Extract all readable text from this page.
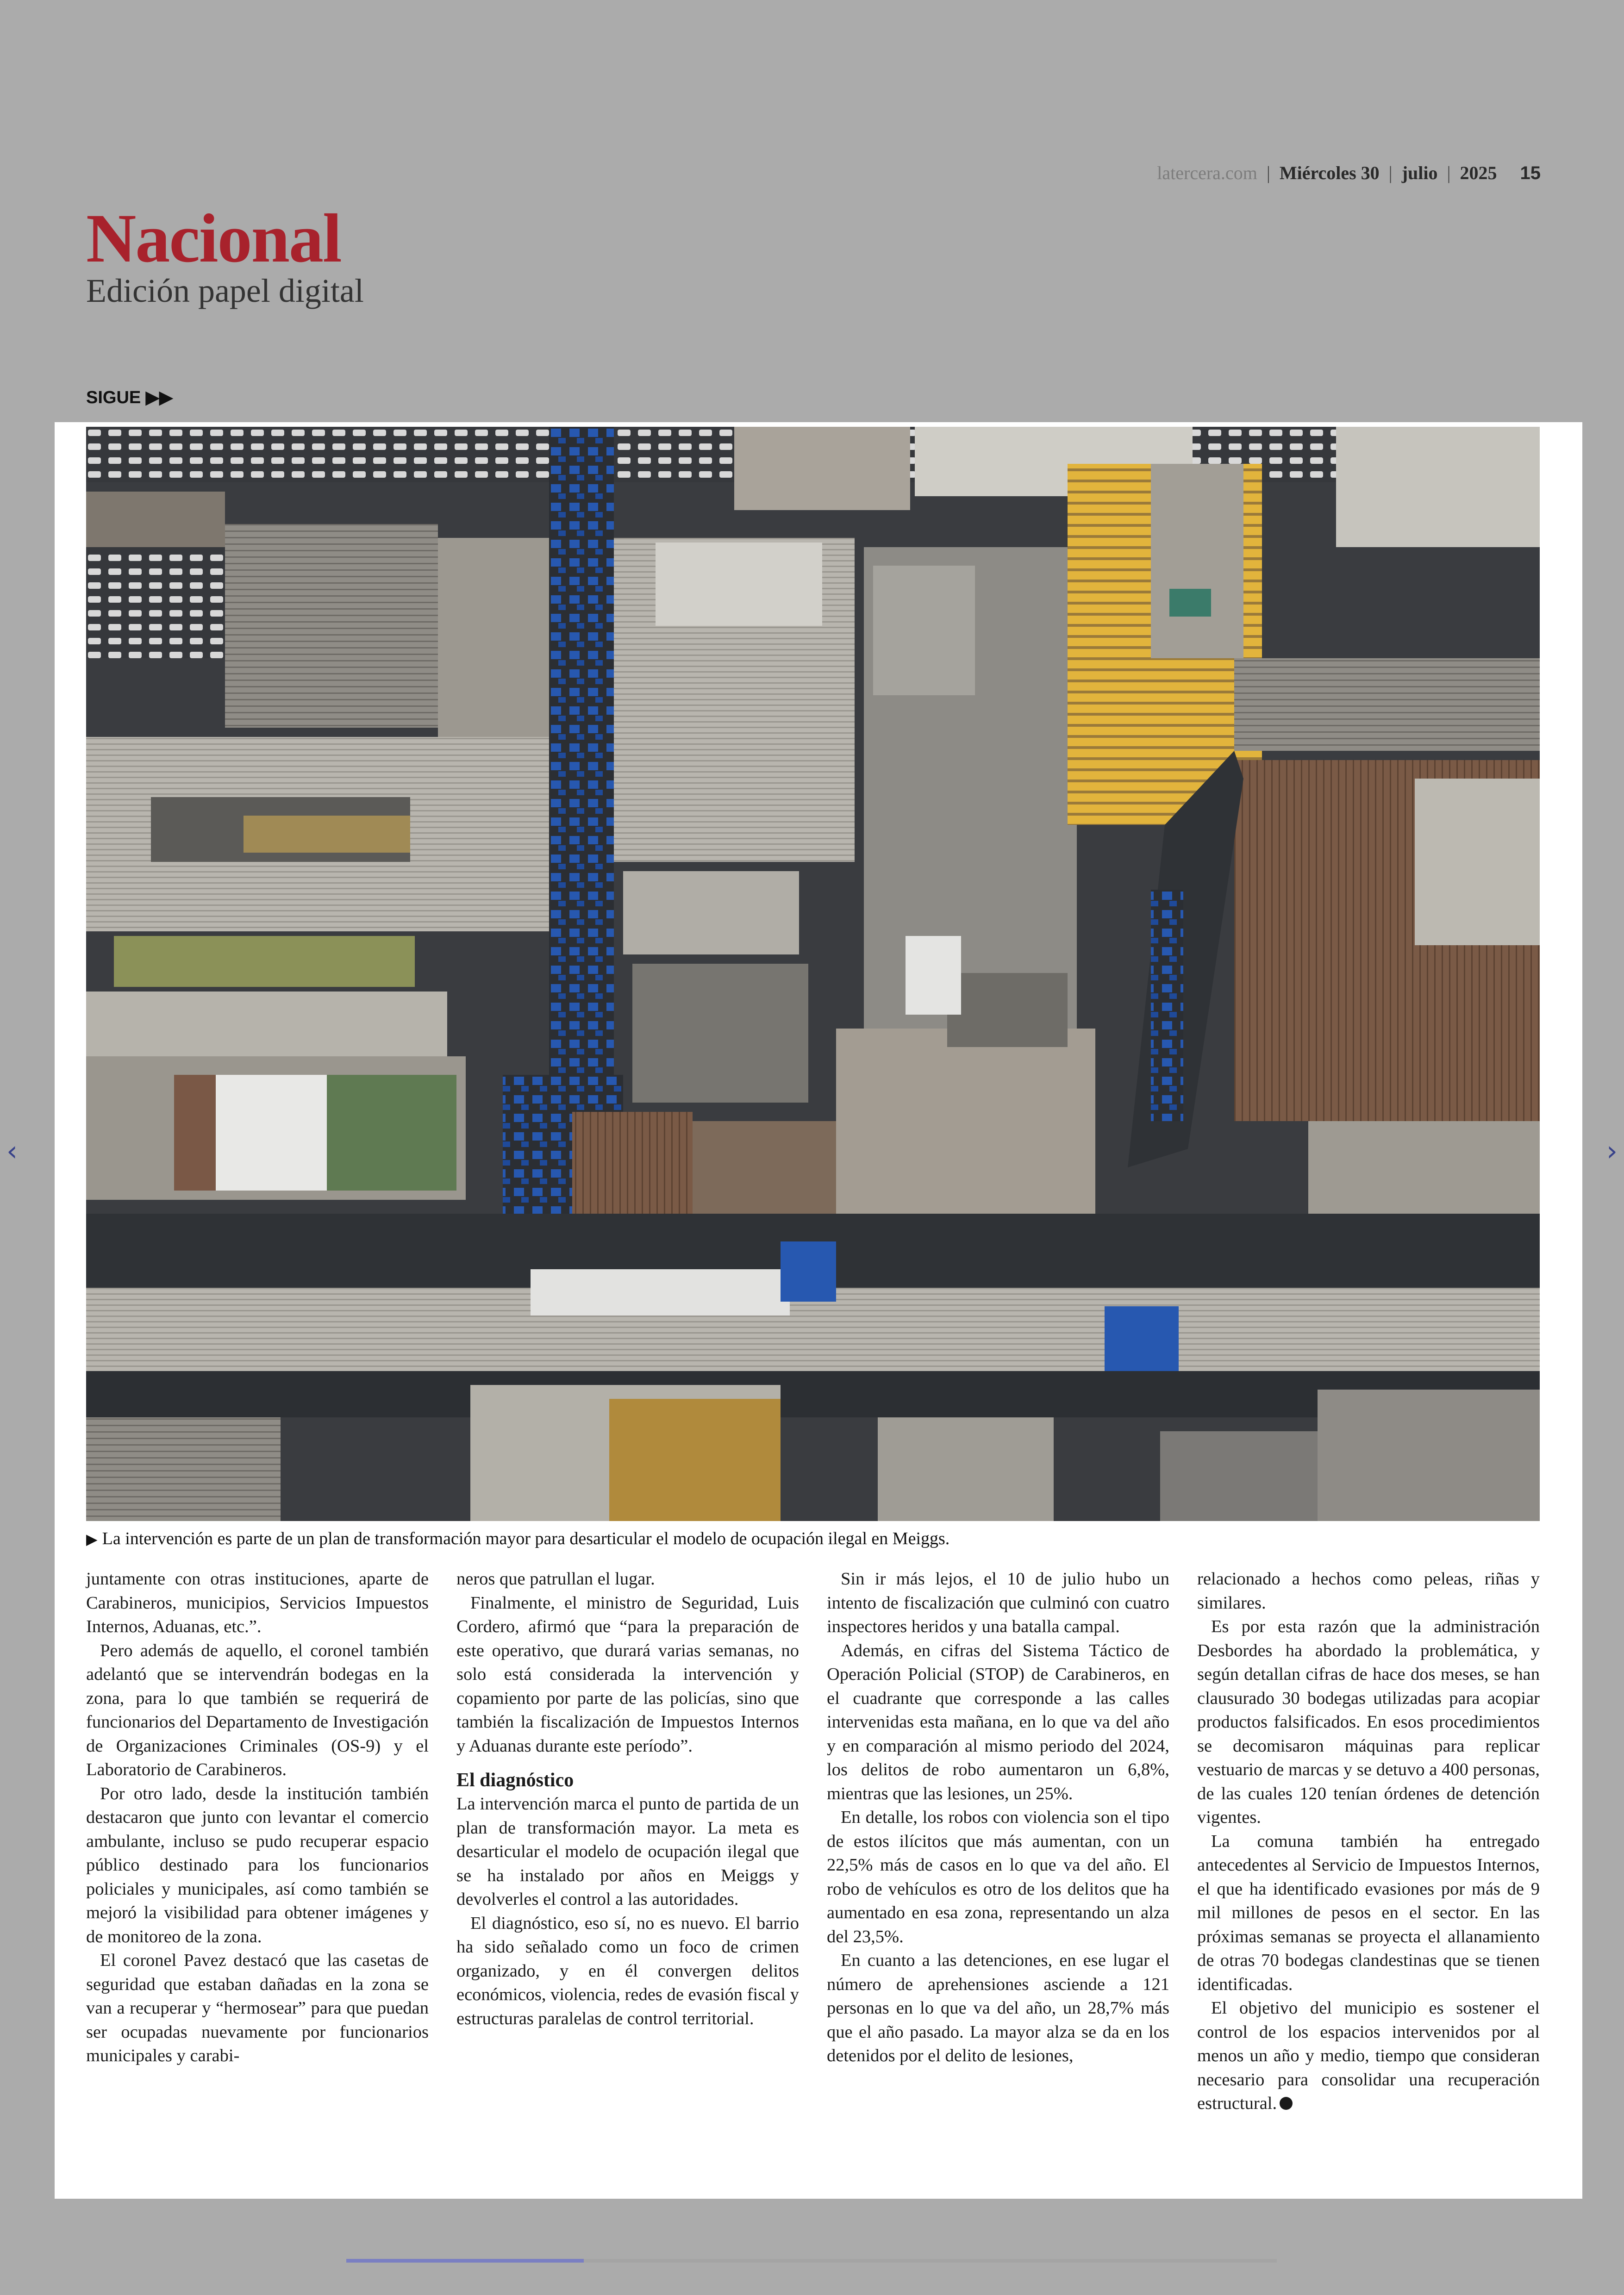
latercera.com | Miércoles 30 | julio | 2025 15
Nacional
Edición papel digital
SIGUE ▶▶
‹	›
▶ La intervención es parte de un plan de transformación mayor para desarticular el modelo de ocupación ilegal en Meiggs.

juntamente con otras instituciones, aparte de Carabineros, municipios, Servicios Impuestos Internos, Aduanas, etc.”.

Pero además de aquello, el coronel también adelantó que se intervendrán bodegas en la zona, para lo que también se requerirá de funcionarios del Departamento de Investigación de Organizaciones Criminales (OS-9) y el Laboratorio de Carabineros.

Por otro lado, desde la institución también destacaron que junto con levantar el comercio ambulante, incluso se pudo recuperar espacio público destinado para los funcionarios policiales y municipales, así como también se mejoró la visibilidad para obtener imágenes y de monitoreo de la zona.

El coronel Pavez destacó que las casetas de seguridad que estaban dañadas en la zona se van a recuperar y “hermosear” para que puedan ser ocupadas nuevamente por funcionarios municipales y carabi-

neros que patrullan el lugar.

Finalmente, el ministro de Seguridad, Luis Cordero, afirmó que “para la preparación de este operativo, que durará varias semanas, no solo está considerada la intervención y copamiento por parte de las policías, sino que también la fiscalización de Impuestos Internos y Aduanas durante este período”.

El diagnóstico

La intervención marca el punto de partida de un plan de transformación mayor. La meta es desarticular el modelo de ocupación ilegal que se ha instalado por años en Meiggs y devolverles el control a las autoridades.

El diagnóstico, eso sí, no es nuevo. El barrio ha sido señalado como un foco de crimen organizado, y en él convergen delitos económicos, violencia, redes de evasión fiscal y estructuras paralelas de control territorial.

Sin ir más lejos, el 10 de julio hubo un intento de fiscalización que culminó con cuatro inspectores heridos y una batalla campal.

Además, en cifras del Sistema Táctico de Operación Policial (STOP) de Carabineros, en el cuadrante que corresponde a las calles intervenidas esta mañana, en lo que va del año y en comparación al mismo periodo del 2024, los delitos de robo aumentaron un 6,8%, mientras que las lesiones, un 25%.

En detalle, los robos con violencia son el tipo de estos ilícitos que más aumentan, con un 22,5% más de casos en lo que va del año. El robo de vehículos es otro de los delitos que ha aumentado en esa zona, representando un alza del 23,5%.

En cuanto a las detenciones, en ese lugar el número de aprehensiones asciende a 121 personas en lo que va del año, un 28,7% más que el año pasado. La mayor alza se da en los detenidos por el delito de lesiones,

relacionado a hechos como peleas, riñas y similares.

Es por esta razón que la administración Desbordes ha abordado la problemática, y según detallan cifras de hace dos meses, se han clausurado 30 bodegas utilizadas para acopiar productos falsificados. En esos procedimientos se decomisaron máquinas para replicar vestuario de marcas y se detuvo a 400 personas, de las cuales 120 tenían órdenes de detención vigentes.

La comuna también ha entregado antecedentes al Servicio de Impuestos Internos, el que ha identificado evasiones por más de 9 mil millones de pesos en el sector. En las próximas semanas se proyecta el allanamiento de otras 70 bodegas clandestinas que se tienen identificadas.

El objetivo del municipio es sostener el control de los espacios intervenidos por al menos un año y medio, tiempo que consideran necesario para consolidar una recuperación estructural.
